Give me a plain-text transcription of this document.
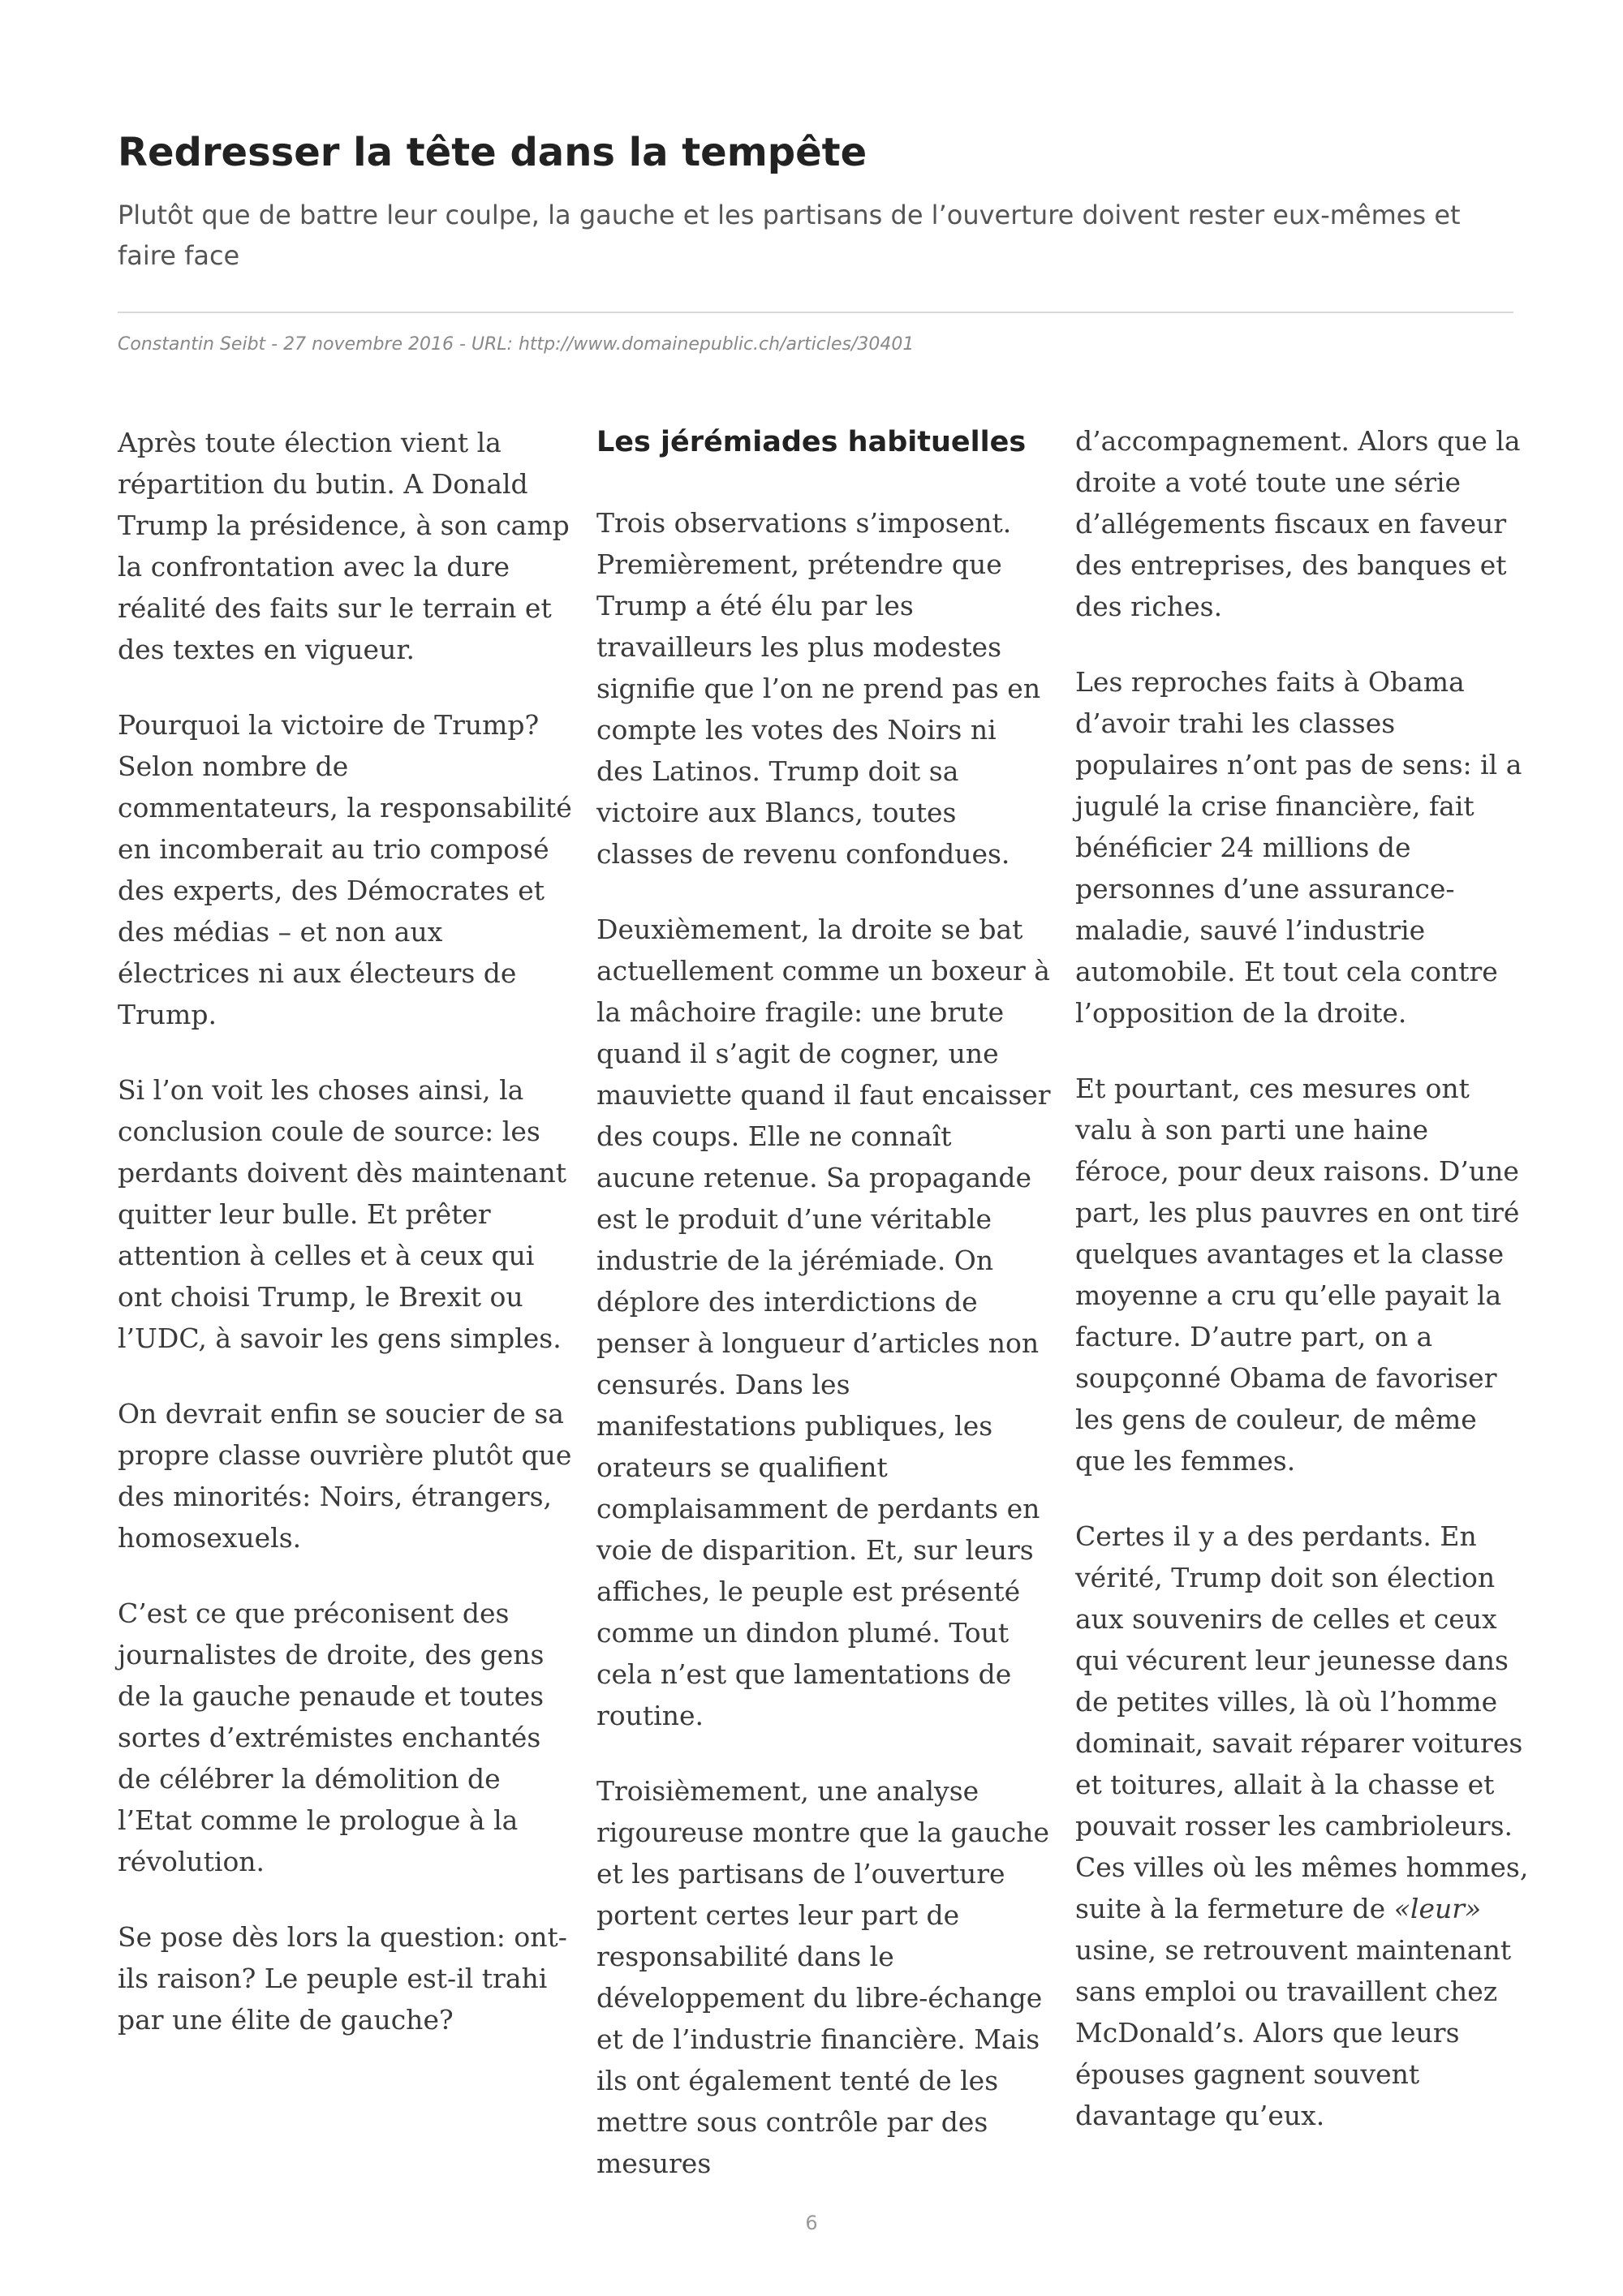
Redresser la tête dans la tempête

Plutôt que de battre leur coulpe, la gauche et les partisans de l’ouverture doivent rester eux-mêmes et faire face

Constantin Seibt - 27 novembre 2016 - URL: http://www.domainepublic.ch/articles/30401

Après toute élection vient la répartition du butin. A Donald Trump la présidence, à son camp la confrontation avec la dure réalité des faits sur le terrain et des textes en vigueur.

Pourquoi la victoire de Trump? Selon nombre de commentateurs, la responsabilité en incomberait au trio composé des experts, des Démocrates et des médias – et non aux électrices ni aux électeurs de Trump.

Si l’on voit les choses ainsi, la conclusion coule de source: les perdants doivent dès maintenant quitter leur bulle. Et prêter attention à celles et à ceux qui ont choisi Trump, le Brexit ou l’UDC, à savoir les gens simples.

On devrait enfin se soucier de sa propre classe ouvrière plutôt que des minorités: Noirs, étrangers, homosexuels.

C’est ce que préconisent des journalistes de droite, des gens de la gauche penaude et toutes sortes d’extrémistes enchantés de célébrer la démolition de l’Etat comme le prologue à la révolution.

Se pose dès lors la question: ont-ils raison? Le peuple est-il trahi par une élite de gauche?

Les jérémiades habituelles

Trois observations s’imposent. Premièrement, prétendre que Trump a été élu par les travailleurs les plus modestes signifie que l’on ne prend pas en compte les votes des Noirs ni des Latinos. Trump doit sa victoire aux Blancs, toutes classes de revenu confondues.

Deuxièmement, la droite se bat actuellement comme un boxeur à la mâchoire fragile: une brute quand il s’agit de cogner, une mauviette quand il faut encaisser des coups. Elle ne connaît aucune retenue. Sa propagande est le produit d’une véritable industrie de la jérémiade. On déplore des interdictions de penser à longueur d’articles non censurés. Dans les manifestations publiques, les orateurs se qualifient complaisamment de perdants en voie de disparition. Et, sur leurs affiches, le peuple est présenté comme un dindon plumé. Tout cela n’est que lamentations de routine.

Troisièmement, une analyse rigoureuse montre que la gauche et les partisans de l’ouverture portent certes leur part de responsabilité dans le développement du libre-échange et de l’industrie financière. Mais ils ont également tenté de les mettre sous contrôle par des mesures

d’accompagnement. Alors que la droite a voté toute une série d’allégements fiscaux en faveur des entreprises, des banques et des riches.

Les reproches faits à Obama d’avoir trahi les classes populaires n’ont pas de sens: il a jugulé la crise financière, fait bénéficier 24 millions de personnes d’une assurance-maladie, sauvé l’industrie automobile. Et tout cela contre l’opposition de la droite.

Et pourtant, ces mesures ont valu à son parti une haine féroce, pour deux raisons. D’une part, les plus pauvres en ont tiré quelques avantages et la classe moyenne a cru qu’elle payait la facture. D’autre part, on a soupçonné Obama de favoriser les gens de couleur, de même que les femmes.

Certes il y a des perdants. En vérité, Trump doit son élection aux souvenirs de celles et ceux qui vécurent leur jeunesse dans de petites villes, là où l’homme dominait, savait réparer voitures et toitures, allait à la chasse et pouvait rosser les cambrioleurs. Ces villes où les mêmes hommes, suite à la fermeture de «leur» usine, se retrouvent maintenant sans emploi ou travaillent chez McDonald’s. Alors que leurs épouses gagnent souvent davantage qu’eux.

6
